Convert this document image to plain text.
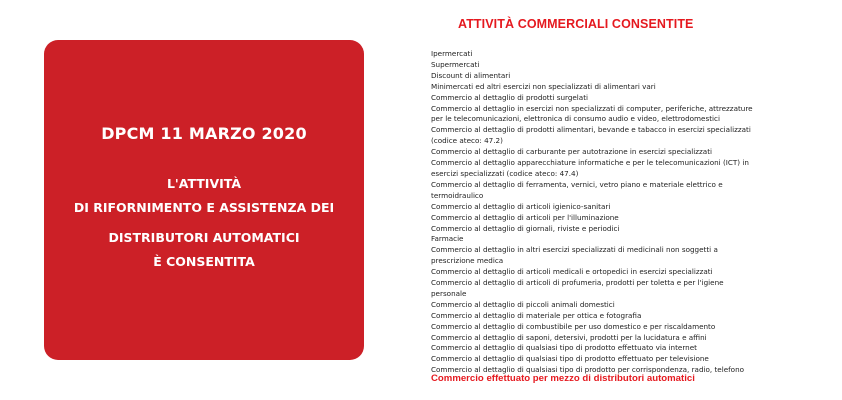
DPCM 11 MARZO 2020
L'ATTIVITÀ
DI RIFORNIMENTO E ASSISTENZA DEI
DISTRIBUTORI AUTOMATICI
È CONSENTITA
ATTIVITÀ COMMERCIALI CONSENTITE
Ipermercati
Supermercati
Discount di alimentari
Minimercati ed altri esercizi non specializzati di alimentari vari
Commercio al dettaglio di prodotti surgelati
Commercio al dettaglio in esercizi non specializzati di computer, periferiche, attrezzature
per le telecomunicazioni, elettronica di consumo audio e video, elettrodomestici
Commercio al dettaglio di prodotti alimentari, bevande e tabacco in esercizi specializzati
(codice ateco: 47.2)
Commercio al dettaglio di carburante per autotrazione in esercizi specializzati
Commercio al dettaglio apparecchiature informatiche e per le telecomunicazioni (ICT) in
esercizi specializzati (codice ateco: 47.4)
Commercio al dettaglio di ferramenta, vernici, vetro piano e materiale elettrico e
termoidraulico
Commercio al dettaglio di articoli igienico-sanitari
Commercio al dettaglio di articoli per l'illuminazione
Commercio al dettaglio di giornali, riviste e periodici
Farmacie
Commercio al dettaglio in altri esercizi specializzati di medicinali non soggetti a
prescrizione medica
Commercio al dettaglio di articoli medicali e ortopedici in esercizi specializzati
Commercio al dettaglio di articoli di profumeria, prodotti per toletta e per l'igiene
personale
Commercio al dettaglio di piccoli animali domestici
Commercio al dettaglio di materiale per ottica e fotografia
Commercio al dettaglio di combustibile per uso domestico e per riscaldamento
Commercio al dettaglio di saponi, detersivi, prodotti per la lucidatura e affini
Commercio al dettaglio di qualsiasi tipo di prodotto effettuato via internet
Commercio al dettaglio di qualsiasi tipo di prodotto effettuato per televisione
Commercio al dettaglio di qualsiasi tipo di prodotto per corrispondenza, radio, telefono
Commercio effettuato per mezzo di distributori automatici
